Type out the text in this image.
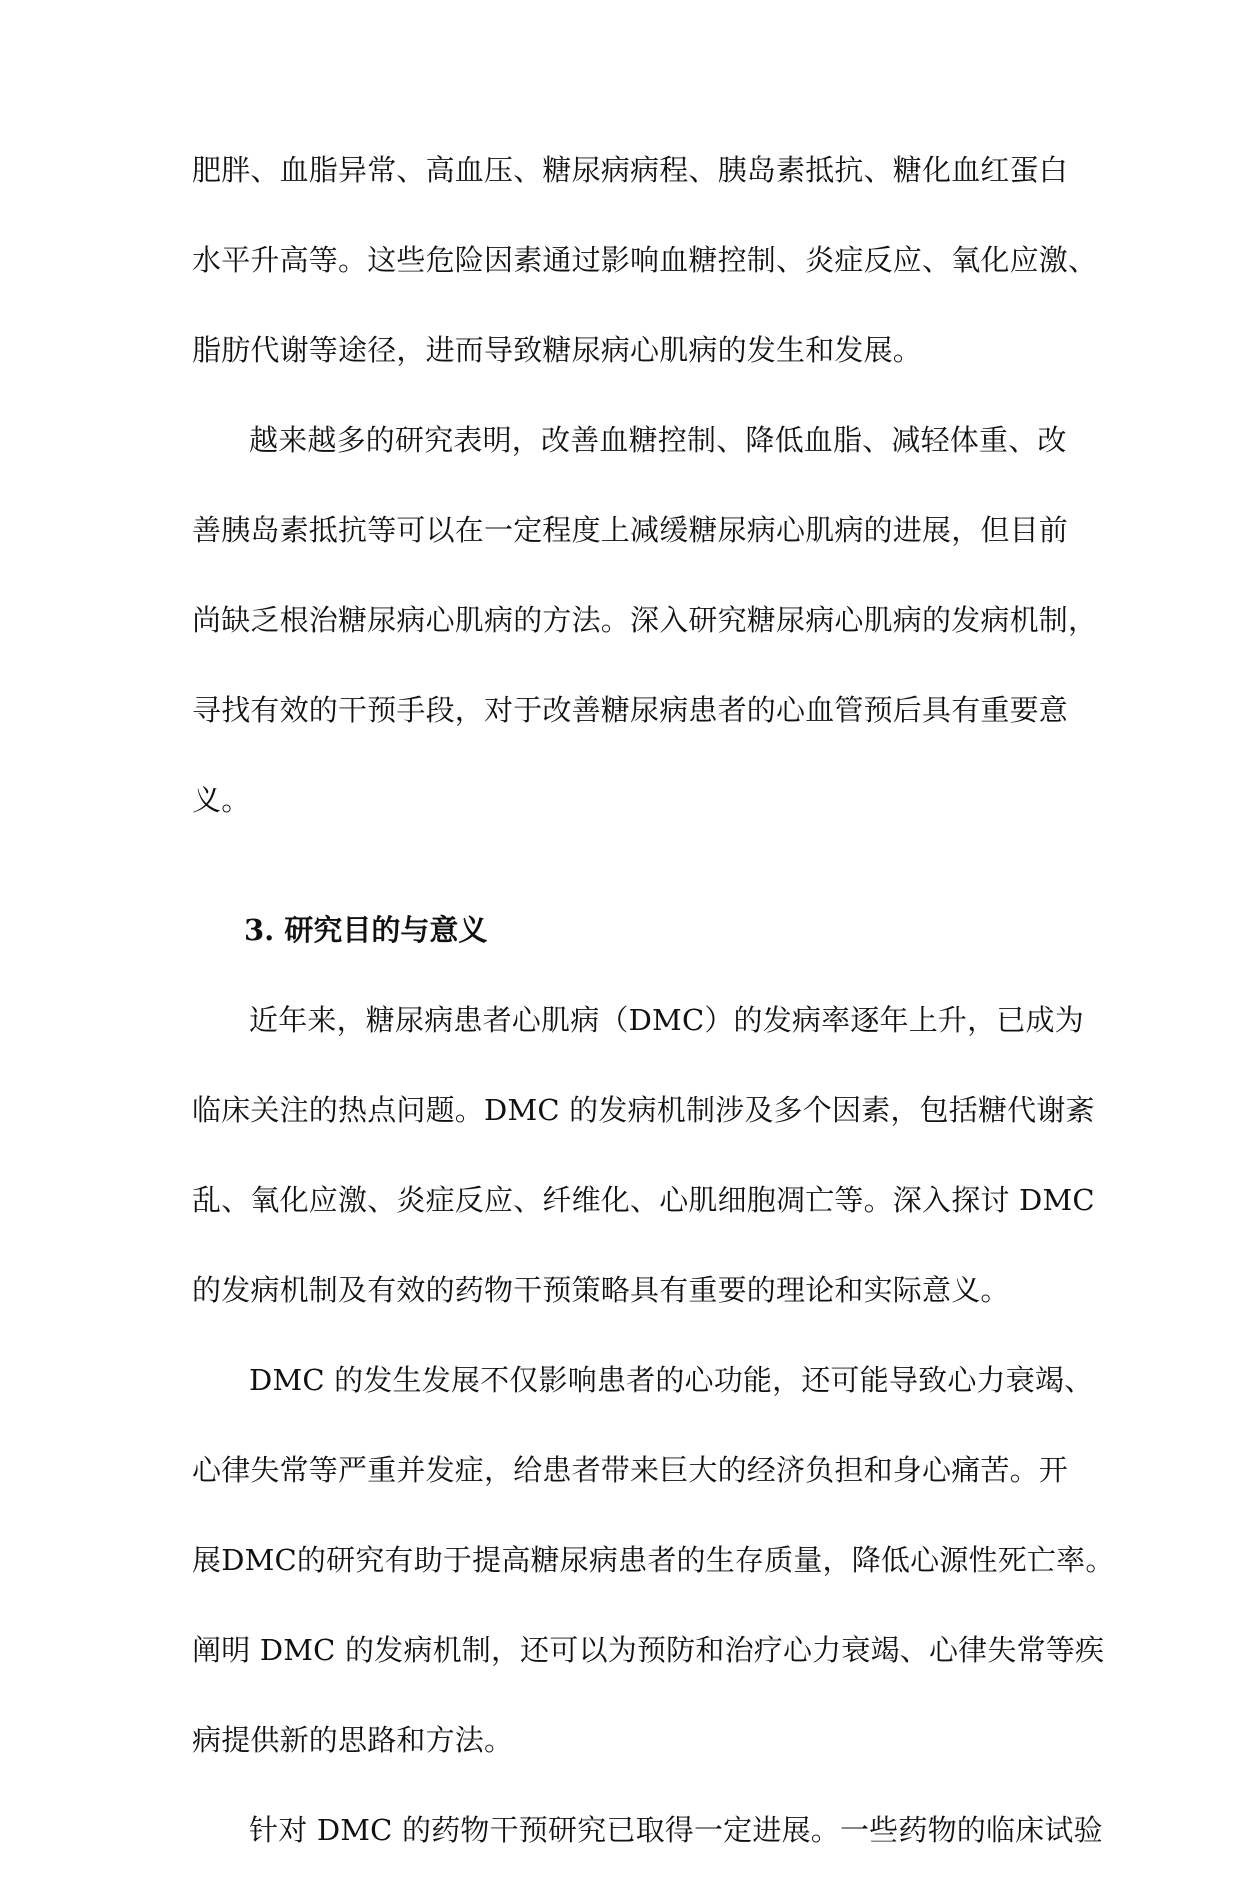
肥胖、血脂异常、高血压、糖尿病病程、胰岛素抵抗、糖化血红蛋白
水平升高等。这些危险因素通过影响血糖控制、炎症反应、氧化应激、
脂肪代谢等途径，进而导致糖尿病心肌病的发生和发展。
越来越多的研究表明，改善血糖控制、降低血脂、减轻体重、改
善胰岛素抵抗等可以在一定程度上减缓糖尿病心肌病的进展，但目前
尚缺乏根治糖尿病心肌病的方法。深入研究糖尿病心肌病的发病机制，
寻找有效的干预手段，对于改善糖尿病患者的心血管预后具有重要意
义。
3. 研究目的与意义
近年来，糖尿病患者心肌病（DMC）的发病率逐年上升，已成为
临床关注的热点问题。DMC 的发病机制涉及多个因素，包括糖代谢紊
乱、氧化应激、炎症反应、纤维化、心肌细胞凋亡等。深入探讨 DMC
的发病机制及有效的药物干预策略具有重要的理论和实际意义。
DMC 的发生发展不仅影响患者的心功能，还可能导致心力衰竭、
心律失常等严重并发症，给患者带来巨大的经济负担和身心痛苦。开
展DMC的研究有助于提高糖尿病患者的生存质量，降低心源性死亡率。
阐明 DMC 的发病机制，还可以为预防和治疗心力衰竭、心律失常等疾
病提供新的思路和方法。
针对 DMC 的药物干预研究已取得一定进展。一些药物的临床试验
